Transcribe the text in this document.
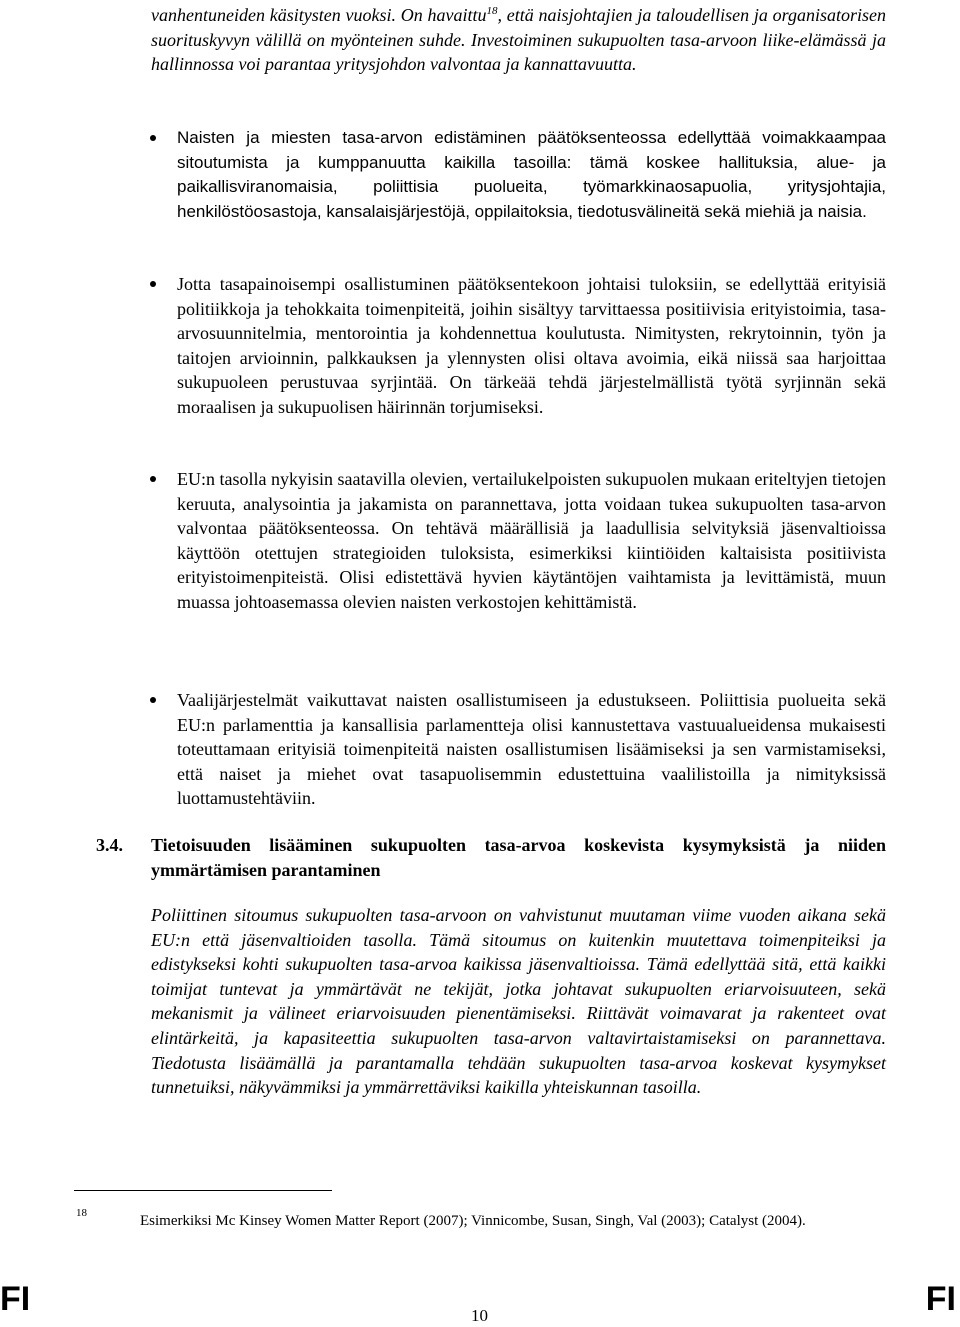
vanhentuneiden käsitysten vuoksi. On havaittu$^{18}$, että naisjohtajien ja taloudellisen ja organisatorisen suorituskyvyn välillä on myönteinen suhde. Investoiminen sukupuolten tasa-arvoon liike-elämässä ja hallinnossa voi parantaa yritysjohdon valvontaa ja kannattavuutta.

Naisten ja miesten tasa-arvon edistäminen päätöksenteossa edellyttää voimakkaampaa sitoutumista ja kumppanuutta kaikilla tasoilla: tämä koskee hallituksia, alue- ja paikallisviranomaisia, poliittisia puolueita, työmarkkinaosapuolia, yritysjohtajia, henkilöstöosastoja, kansalaisjärjestöjä, oppilaitoksia, tiedotusvälineitä sekä miehiä ja naisia.
Jotta tasapainoisempi osallistuminen päätöksentekoon johtaisi tuloksiin, se edellyttää erityisiä politiikkoja ja tehokkaita toimenpiteitä, joihin sisältyy tarvittaessa positiivisia erityistoimia, tasa-arvosuunnitelmia, mentorointia ja kohdennettua koulutusta. Nimitysten, rekrytoinnin, työn ja taitojen arvioinnin, palkkauksen ja ylennysten olisi oltava avoimia, eikä niissä saa harjoittaa sukupuoleen perustuvaa syrjintää. On tärkeää tehdä järjestelmällistä työtä syrjinnän sekä moraalisen ja sukupuolisen häirinnän torjumiseksi.
EU:n tasolla nykyisin saatavilla olevien, vertailukelpoisten sukupuolen mukaan eriteltyjen tietojen keruuta, analysointia ja jakamista on parannettava, jotta voidaan tukea sukupuolten tasa-arvon valvontaa päätöksenteossa. On tehtävä määrällisiä ja laadullisia selvityksiä jäsenvaltioissa käyttöön otettujen strategioiden tuloksista, esimerkiksi kiintiöiden kaltaisista positiivista erityistoimenpiteistä. Olisi edistettävä hyvien käytäntöjen vaihtamista ja levittämistä, muun muassa johtoasemassa olevien naisten verkostojen kehittämistä.
Vaalijärjestelmät vaikuttavat naisten osallistumiseen ja edustukseen. Poliittisia puolueita sekä EU:n parlamenttia ja kansallisia parlamentteja olisi kannustettava vastuualueidensa mukaisesti toteuttamaan erityisiä toimenpiteitä naisten osallistumisen lisäämiseksi ja sen varmistamiseksi, että naiset ja miehet ovat tasapuolisemmin edustettuina vaalilistoilla ja nimityksissä luottamustehtäviin.
3.4. Tietoisuuden lisääminen sukupuolten tasa-arvoa koskevista kysymyksistä ja niiden ymmärtämisen parantaminen

Poliittinen sitoumus sukupuolten tasa-arvoon on vahvistunut muutaman viime vuoden aikana sekä EU:n että jäsenvaltioiden tasolla. Tämä sitoumus on kuitenkin muutettava toimenpiteiksi ja edistykseksi kohti sukupuolten tasa-arvoa kaikissa jäsenvaltioissa. Tämä edellyttää sitä, että kaikki toimijat tuntevat ja ymmärtävät ne tekijät, jotka johtavat sukupuolten eriarvoisuuteen, sekä mekanismit ja välineet eriarvoisuuden pienentämiseksi. Riittävät voimavarat ja rakenteet ovat elintärkeitä, ja kapasiteettia sukupuolten tasa-arvon valtavirtaistamiseksi on parannettava. Tiedotusta lisäämällä ja parantamalla tehdään sukupuolten tasa-arvoa koskevat kysymykset tunnetuiksi, näkyvämmiksi ja ymmärrettäviksi kaikilla yhteiskunnan tasoilla.

18	Esimerkiksi Mc Kinsey Women Matter Report (2007); Vinnicombe, Susan, Singh, Val (2003); Catalyst (2004).

FI	10	FI
